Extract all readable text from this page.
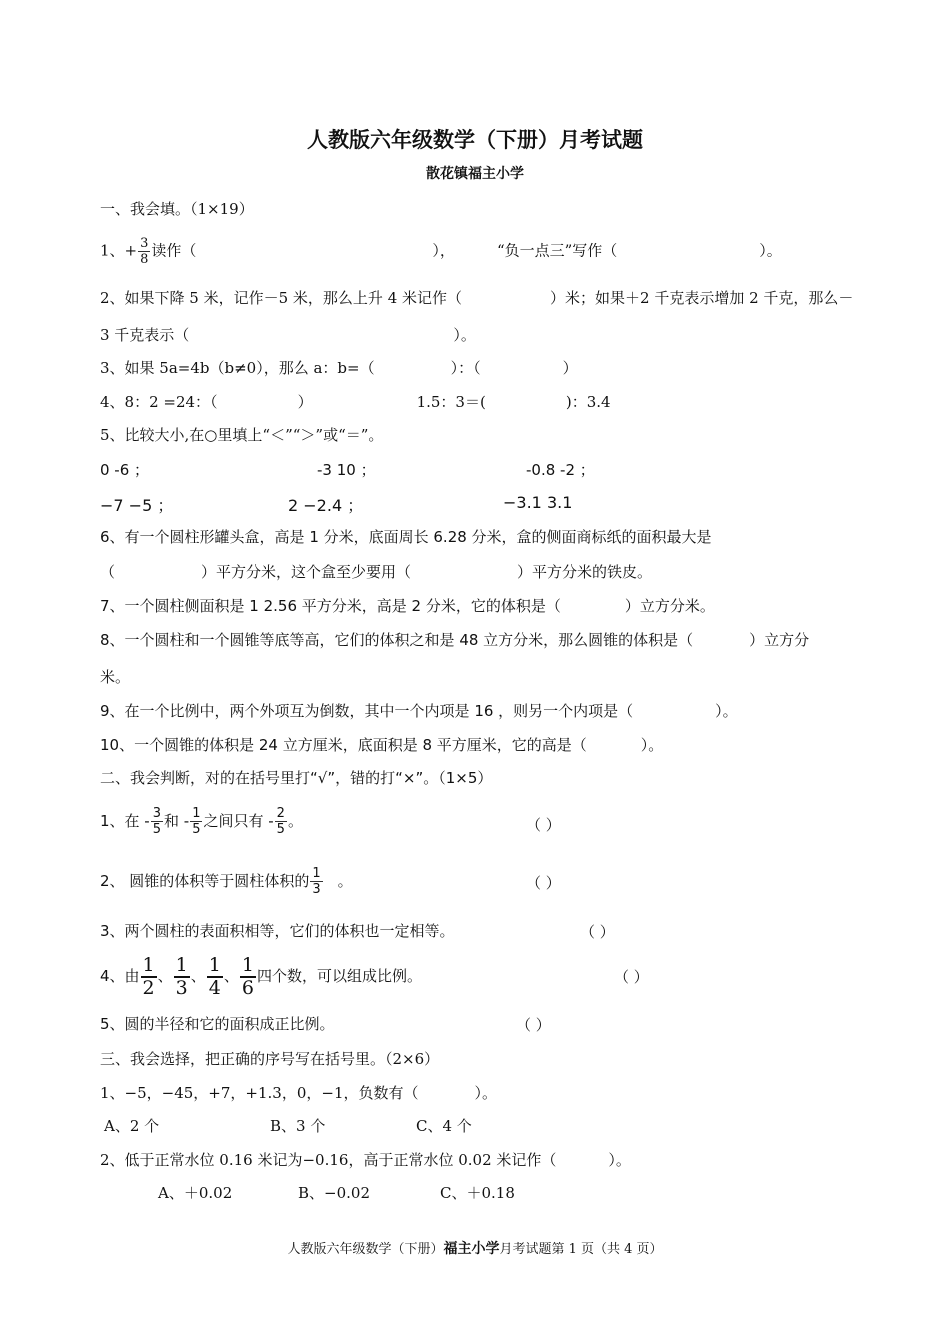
人教版六年级数学（下册）月考试题
散花镇福主小学
一、我会填。（1×19）
1、+ $\frac{3}{8}$ 读作（	），	“负一点三”写作（	）。
2、如果下降 5 米，记作－5 米，那么上升 4 米记作（	）米；如果＋2 千克表示增加 2 千克，那么－
3 千克表示（	）。
3、如果 5a=4b（b≠0），那么 a：b=（	）：（	）
4、8：2 =24：（	）	1.5：3＝(	)：3.4
5、比较大小,在○里填上“＜”“＞”或“＝”。
0 -6 ；	-3 10 ；	-0.8 -2 ；
−7 −5 ；	2 −2.4 ；	−3.1 3.1
6、有一个圆柱形罐头盒，高是 1 分米，底面周长 6.28 分米，盒的侧面商标纸的面积最大是
（	）平方分米，这个盒至少要用（	）平方分米的铁皮。
7、一个圆柱侧面积是 1 2.56 平方分米，高是 2 分米，它的体积是（	）立方分米。
8、一个圆柱和一个圆锥等底等高，它们的体积之和是 48 立方分米，那么圆锥的体积是（	）立方分
米。
9、在一个比例中，两个外项互为倒数，其中一个内项是 16 ，则另一个内项是（	）。
10、一个圆锥的体积是 24 立方厘米，底面积是 8 平方厘米，它的高是（	）。
二、我会判断，对的在括号里打“√”，错的打“×”。（1×5）
1、在 - $\frac{3}{5}$ 和 - $\frac{1}{5}$ 之间只有 - $\frac{2}{5}$ 。	（ ）
2、 圆锥的体积等于圆柱体积的 $\frac{1}{3}$ 。	（ ）
3、两个圆柱的表面积相等，它们的体积也一定相等。	（ ）
4、由 $\frac{1}{2}$ 、 $\frac{1}{3}$ 、 $\frac{1}{4}$ 、 $\frac{1}{6}$ 四个数，可以组成比例。	（ ）
5、圆的半径和它的面积成正比例。	（ ）
三、我会选择，把正确的序号写在括号里。（2×6）
1、−5，−45，+7，+1.3，0，−1，负数有（	）。
A、2 个	B、3 个	C、4 个
2、低于正常水位 0.16 米记为−0.16，高于正常水位 0.02 米记作（	）。
A、＋0.02	B、−0.02	C、＋0.18
人教版六年级数学（下册）福主小学月考试题第 1 页（共 4 页）
